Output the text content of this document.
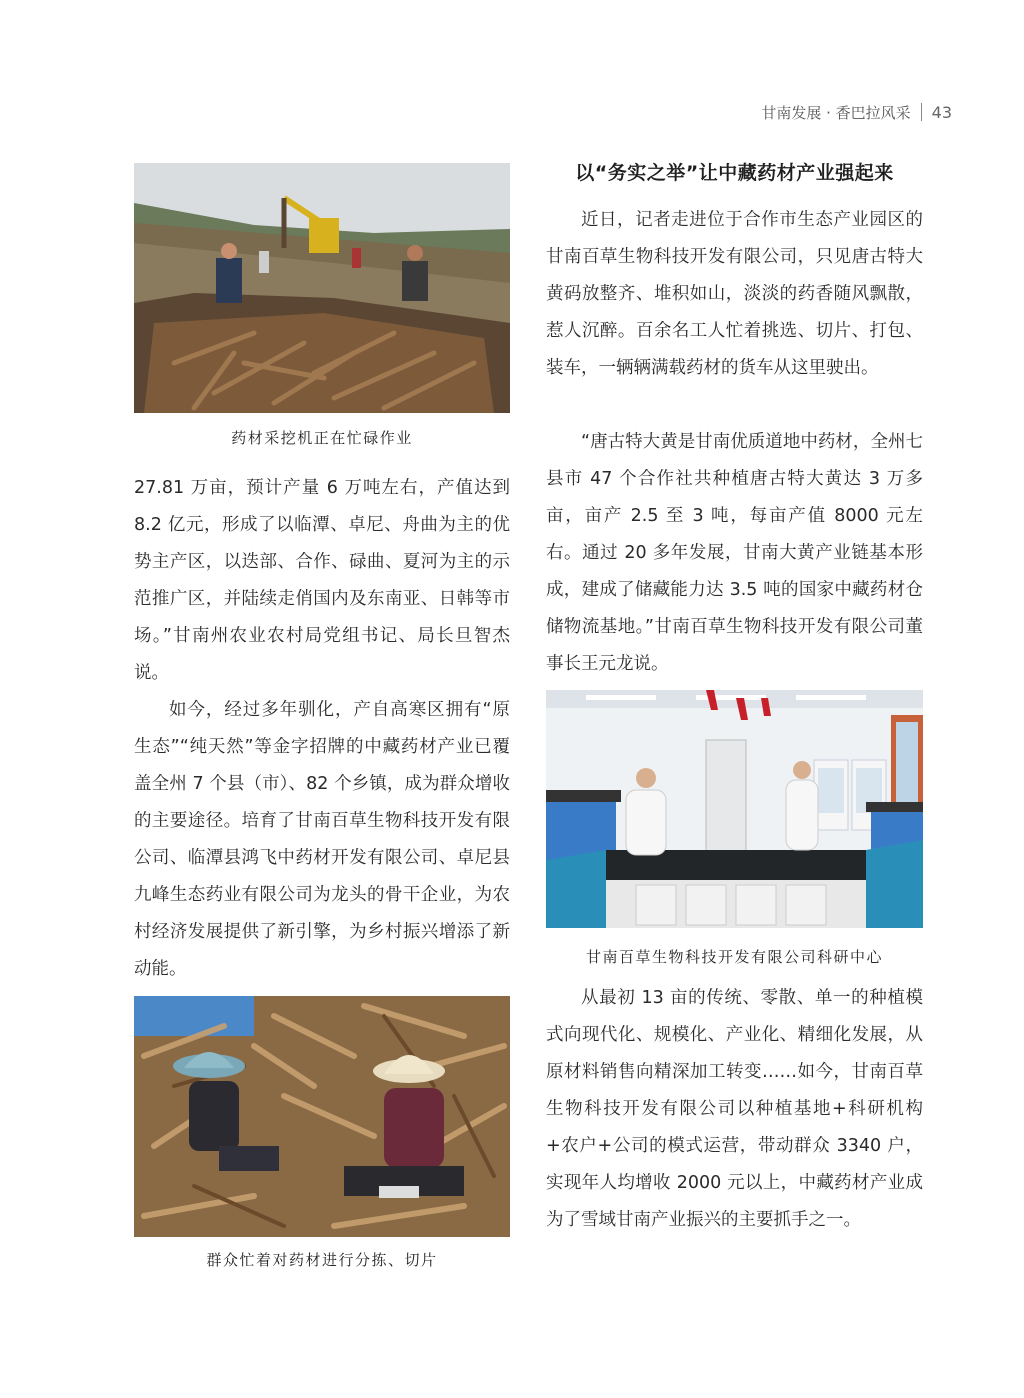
甘南发展 · 香巴拉风采 43
药材采挖机正在忙碌作业

27.81 万亩，预计产量 6 万吨左右，产值达到 8.2 亿元，形成了以临潭、卓尼、舟曲为主的优势主产区，以迭部、合作、碌曲、夏河为主的示范推广区，并陆续走俏国内及东南亚、日韩等市场。”甘南州农业农村局党组书记、局长旦智杰说。

如今，经过多年驯化，产自高寒区拥有“原生态”“纯天然”等金字招牌的中藏药材产业已覆盖全州 7 个县（市）、82 个乡镇，成为群众增收的主要途径。培育了甘南百草生物科技开发有限公司、临潭县鸿飞中药材开发有限公司、卓尼县九峰生态药业有限公司为龙头的骨干企业，为农村经济发展提供了新引擎，为乡村振兴增添了新动能。

群众忙着对药材进行分拣、切片
以“务实之举”让中藏药材产业强起来

近日，记者走进位于合作市生态产业园区的甘南百草生物科技开发有限公司，只见唐古特大黄码放整齐、堆积如山，淡淡的药香随风飘散，惹人沉醉。百余名工人忙着挑选、切片、打包、装车，一辆辆满载药材的货车从这里驶出。

“唐古特大黄是甘南优质道地中药材，全州七县市 47 个合作社共种植唐古特大黄达 3 万多亩，亩产 2.5 至 3 吨，每亩产值 8000 元左右。通过 20 多年发展，甘南大黄产业链基本形成，建成了储藏能力达 3.5 吨的国家中藏药材仓储物流基地。”甘南百草生物科技开发有限公司董事长王元龙说。

甘南百草生物科技开发有限公司科研中心

从最初 13 亩的传统、零散、单一的种植模式向现代化、规模化、产业化、精细化发展，从原材料销售向精深加工转变……如今，甘南百草生物科技开发有限公司以种植基地+科研机构+农户+公司的模式运营，带动群众 3340 户，实现年人均增收 2000 元以上，中藏药材产业成为了雪域甘南产业振兴的主要抓手之一。
